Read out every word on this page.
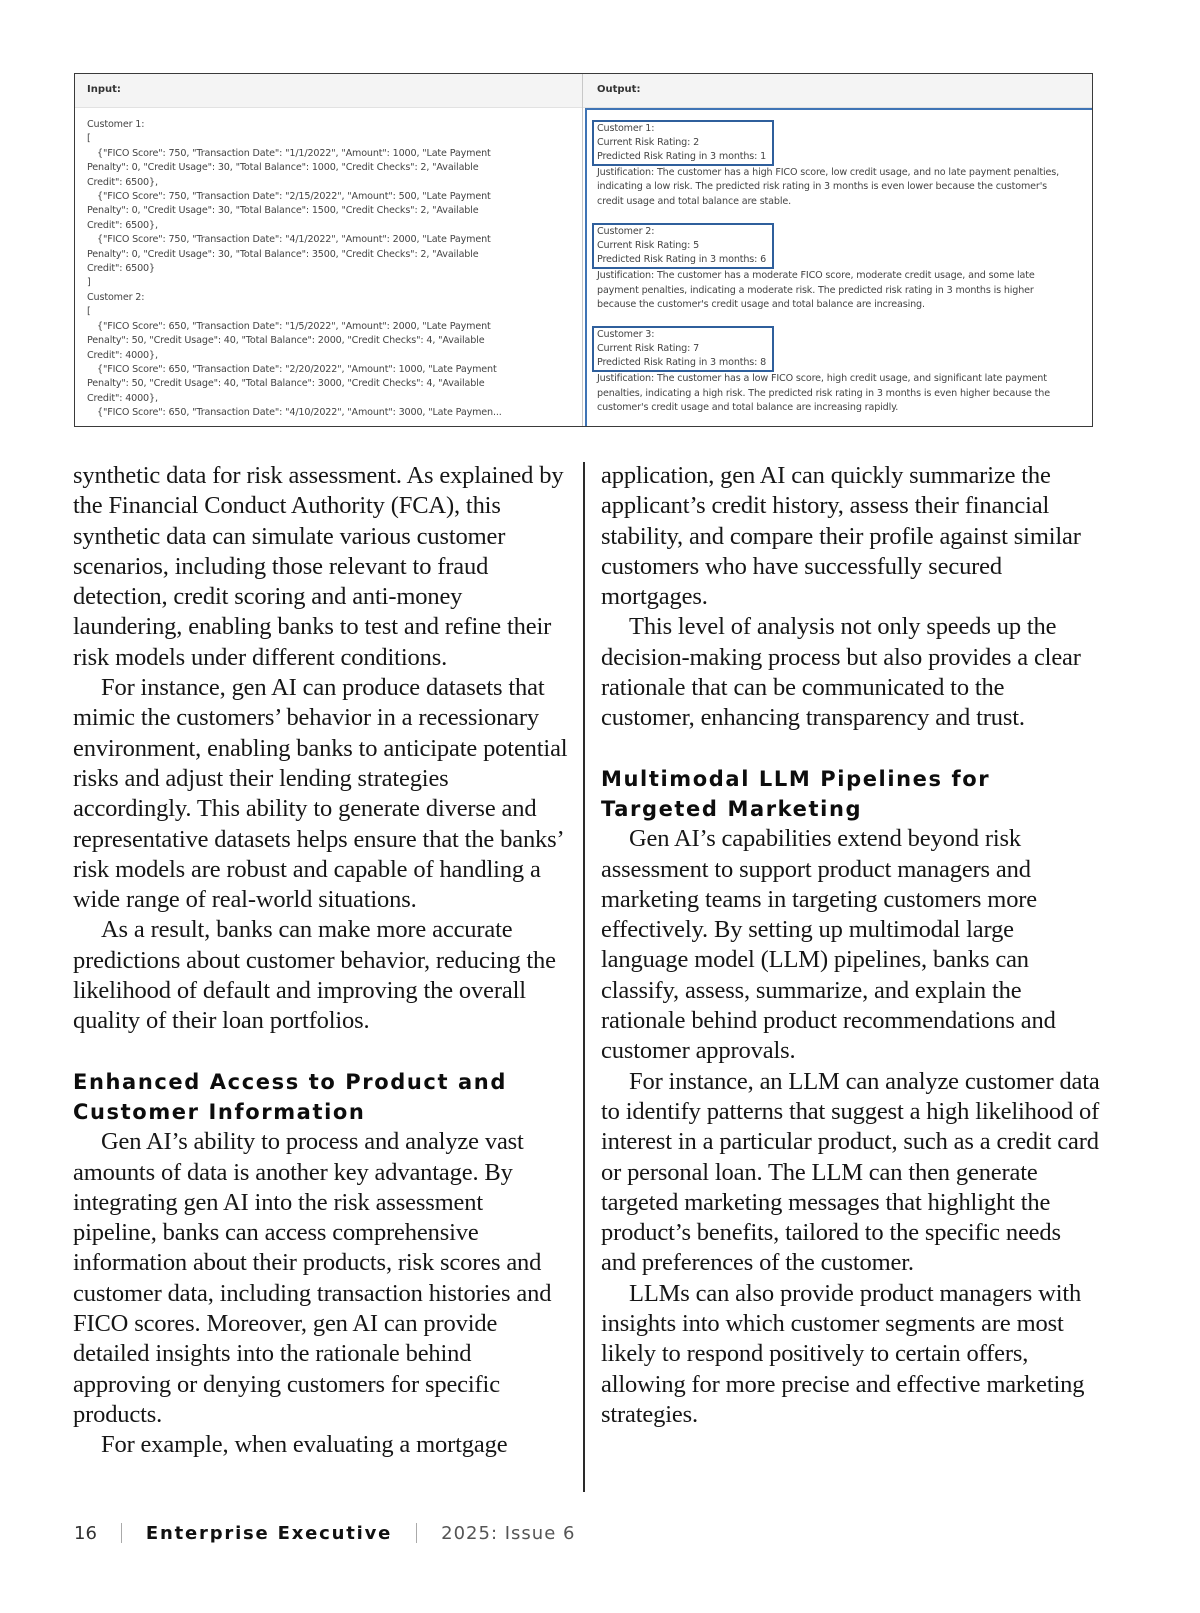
Input:
Customer 1:
[
{"FICO Score": 750, "Transaction Date": "1/1/2022", "Amount": 1000, "Late Payment
Penalty": 0, "Credit Usage": 30, "Total Balance": 1000, "Credit Checks": 2, "Available
Credit": 6500},
{"FICO Score": 750, "Transaction Date": "2/15/2022", "Amount": 500, "Late Payment
Penalty": 0, "Credit Usage": 30, "Total Balance": 1500, "Credit Checks": 2, "Available
Credit": 6500},
{"FICO Score": 750, "Transaction Date": "4/1/2022", "Amount": 2000, "Late Payment
Penalty": 0, "Credit Usage": 30, "Total Balance": 3500, "Credit Checks": 2, "Available
Credit": 6500}
]
Customer 2:
[
{"FICO Score": 650, "Transaction Date": "1/5/2022", "Amount": 2000, "Late Payment
Penalty": 50, "Credit Usage": 40, "Total Balance": 2000, "Credit Checks": 4, "Available
Credit": 4000},
{"FICO Score": 650, "Transaction Date": "2/20/2022", "Amount": 1000, "Late Payment
Penalty": 50, "Credit Usage": 40, "Total Balance": 3000, "Credit Checks": 4, "Available
Credit": 4000},
{"FICO Score": 650, "Transaction Date": "4/10/2022", "Amount": 3000, "Late Paymen...
Output:
Customer 1:
Current Risk Rating: 2
Predicted Risk Rating in 3 months: 1
Justification: The customer has a high FICO score, low credit usage, and no late payment penalties, indicating a low risk. The predicted risk rating in 3 months is even lower because the customer's credit usage and total balance are stable.
Customer 2:
Current Risk Rating: 5
Predicted Risk Rating in 3 months: 6
Justification: The customer has a moderate FICO score, moderate credit usage, and some late payment penalties, indicating a moderate risk. The predicted risk rating in 3 months is higher because the customer's credit usage and total balance are increasing.
Customer 3:
Current Risk Rating: 7
Predicted Risk Rating in 3 months: 8
Justification: The customer has a low FICO score, high credit usage, and significant late payment penalties, indicating a high risk. The predicted risk rating in 3 months is even higher because the customer's credit usage and total balance are increasing rapidly.

synthetic data for risk assessment. As explained by the Financial Conduct Authority (FCA), this synthetic data can simulate various customer scenarios, including those relevant to fraud detection, credit scoring and anti-money laundering, enabling banks to test and refine their risk models under different conditions.

For instance, gen AI can produce datasets that mimic the customers’ behavior in a recessionary environment, enabling banks to anticipate potential risks and adjust their lending strategies accordingly. This ability to generate diverse and representative datasets helps ensure that the banks’ risk models are robust and capable of handling a wide range of real-world situations.

As a result, banks can make more accurate predictions about customer behavior, reducing the likelihood of default and improving the overall quality of their loan portfolios.

Enhanced Access to Product and Customer Information

Gen AI’s ability to process and analyze vast amounts of data is another key advantage. By integrating gen AI into the risk assessment pipeline, banks can access comprehensive information about their products, risk scores and customer data, including transaction histories and FICO scores. Moreover, gen AI can provide detailed insights into the rationale behind approving or denying customers for specific products.

For example, when evaluating a mortgage

application, gen AI can quickly summarize the applicant’s credit history, assess their financial stability, and compare their profile against similar customers who have successfully secured mortgages.

This level of analysis not only speeds up the decision-making process but also provides a clear rationale that can be communicated to the customer, enhancing transparency and trust.

Multimodal LLM Pipelines for Targeted Marketing

Gen AI’s capabilities extend beyond risk assessment to support product managers and marketing teams in targeting customers more effectively. By setting up multimodal large language model (LLM) pipelines, banks can classify, assess, summarize, and explain the rationale behind product recommendations and customer approvals.

For instance, an LLM can analyze customer data to identify patterns that suggest a high likelihood of interest in a particular product, such as a credit card or personal loan. The LLM can then generate targeted marketing messages that highlight the product’s benefits, tailored to the specific needs and preferences of the customer.

LLMs can also provide product managers with insights into which customer segments are most likely to respond positively to certain offers, allowing for more precise and effective marketing strategies.

16	Enterprise Executive	2025: Issue 6
